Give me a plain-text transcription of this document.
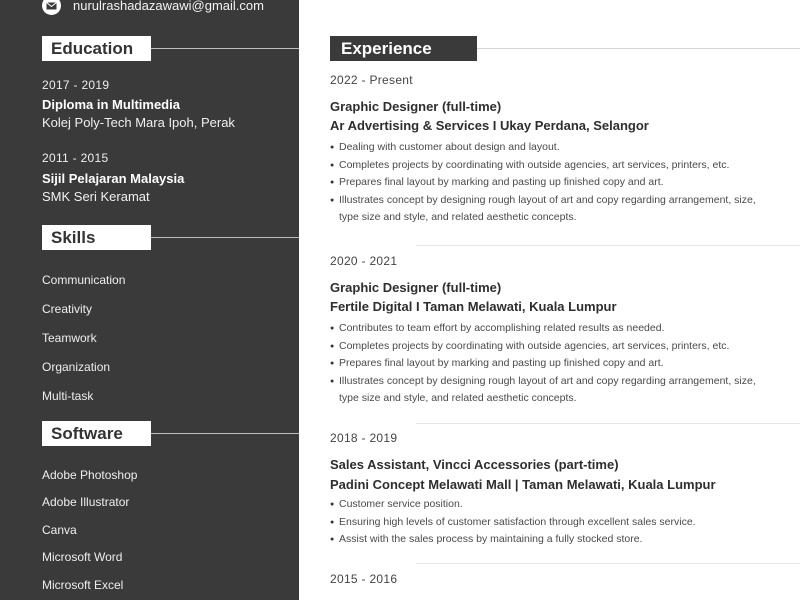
nurulrashadazawawi@gmail.com
Education
2017 - 2019
Diploma in Multimedia
Kolej Poly-Tech Mara Ipoh, Perak
2011 - 2015
Sijil Pelajaran Malaysia
SMK Seri Keramat
Skills
Communication
Creativity
Teamwork
Organization
Multi-task
Software
Adobe Photoshop
Adobe Illustrator
Canva
Microsoft Word
Microsoft Excel
Experience
2022 - Present
Graphic Designer (full-time)
Ar Advertising & Services I Ukay Perdana, Selangor
● Dealing with customer about design and layout.
● Completes projects by coordinating with outside agencies, art services, printers, etc.
● Prepares final layout by marking and pasting up finished copy and art.
● Illustrates concept by designing rough layout of art and copy regarding arrangement, size, type size and style, and related aesthetic concepts.
2020 - 2021
Graphic Designer (full-time)
Fertile Digital I Taman Melawati, Kuala Lumpur
● Contributes to team effort by accomplishing related results as needed.
● Completes projects by coordinating with outside agencies, art services, printers, etc.
● Prepares final layout by marking and pasting up finished copy and art.
● Illustrates concept by designing rough layout of art and copy regarding arrangement, size, type size and style, and related aesthetic concepts.
2018 - 2019
Sales Assistant, Vincci Accessories (part-time)
Padini Concept Melawati Mall | Taman Melawati, Kuala Lumpur
● Customer service position.
● Ensuring high levels of customer satisfaction through excellent sales service.
● Assist with the sales process by maintaining a fully stocked store.
2015 - 2016
